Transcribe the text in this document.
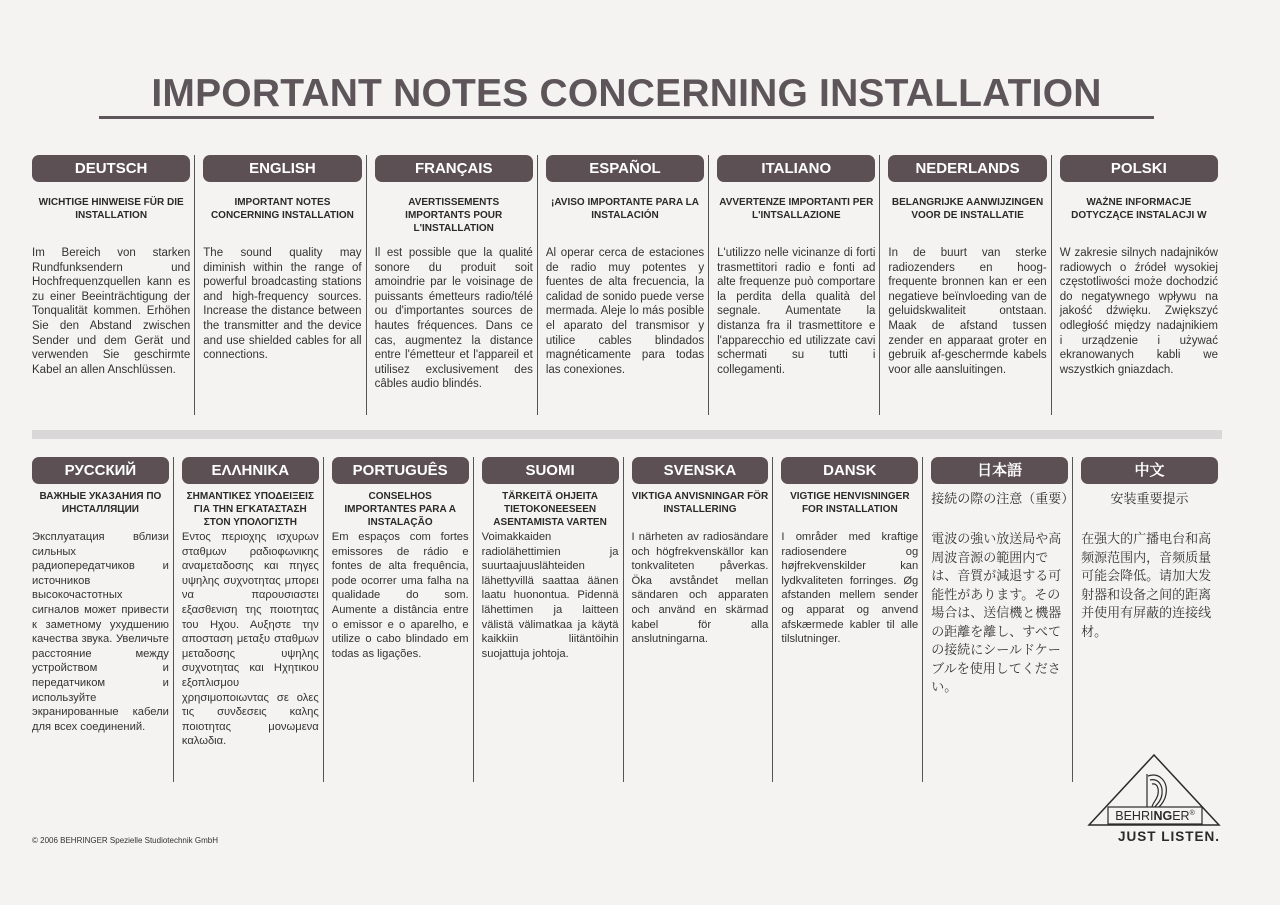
IMPORTANT NOTES CONCERNING INSTALLATION
DEUTSCH
WICHTIGE HINWEISE FÜR DIE INSTALLATION
Im Bereich von starken Rundfunksendern und Hochfrequenzquellen kann es zu einer Beeinträchtigung der Tonqualität kommen. Erhöhen Sie den Abstand zwischen Sender und dem Gerät und verwenden Sie geschirmte Kabel an allen Anschlüssen.
ENGLISH
IMPORTANT NOTES CONCERNING INSTALLATION
The sound quality may diminish within the range of powerful broadcasting stations and high-frequency sources. Increase the distance between the transmitter and the device and use shielded cables for all connections.
FRANÇAIS
AVERTISSEMENTS IMPORTANTS POUR L'INSTALLATION
Il est possible que la qualité sonore du produit soit amoindrie par le voisinage de puissants émetteurs radio/télé ou d'importantes sources de hautes fréquences. Dans ce cas, augmentez la distance entre l'émetteur et l'appareil et utilisez exclusivement des câbles audio blindés.
ESPAÑOL
¡AVISO IMPORTANTE PARA LA INSTALACIÓN
Al operar cerca de estaciones de radio muy potentes y fuentes de alta frecuencia, la calidad de sonido puede verse mermada. Aleje lo más posible el aparato del transmisor y utilice cables blindados magnéticamente para todas las conexiones.
ITALIANO
AVVERTENZE IMPORTANTI PER L'INTSALLAZIONE
L'utilizzo nelle vicinanze di forti trasmettitori radio e fonti ad alte frequenze può comportare la perdita della qualità del segnale. Aumentate la distanza fra il trasmettitore e l'apparecchio ed utilizzate cavi schermati su tutti i collegamenti.
NEDERLANDS
BELANGRIJKE AANWIJZINGEN VOOR DE INSTALLATIE
In de buurt van sterke radiozenders en hoog-frequente bronnen kan er een negatieve beïnvloeding van de geluidskwaliteit ontstaan. Maak de afstand tussen zender en apparaat groter en gebruik af-geschermde kabels voor alle aansluitingen.
POLSKI
WAŻNE INFORMACJE DOTYCZĄCE INSTALACJI W
W zakresie silnych nadajników radiowych o źródeł wysokiej częstotliwości może dochodzić do negatywnego wpływu na jakość dźwięku. Zwiększyć odległość między nadajnikiem i urządzenie i używać ekranowanych kabli we wszystkich gniazdach.
РУССКИЙ
ВАЖНЫЕ УКАЗАНИЯ ПО ИНСТАЛЛЯЦИИ
Эксплуатация вблизи сильных радиопередатчиков и источников высокочастотных сигналов может привести к заметному ухудшению качества звука. Увеличьте расстояние между устройством и передатчиком и используйте экранированные кабели для всех соединений.
ΕΛΛΗΝΙΚΑ
ΣΗΜΑΝΤΙΚΕΣ ΥΠΟΔΕΙΞΕΙΣ ΓΙΑ ΤΗΝ ΕΓΚΑΤΑΣΤΑΣΗ ΣΤΟΝ ΥΠΟΛΟΓΙΣΤΗ
Εντος περιοχης ισχυρων σταθμων ραδιοφωνικης αναμεταδοσης και πηγες υψηλης συχνοτητας μπορει να παρουσιαστει εξασθενιση της ποιοτητας του Ηχου. Αυξηστε την αποσταση μεταξυ σταθμων μεταδοσης υψηλης συχνοτητας και Ηχητικου εξοπλισμου χρησιμοποιωντας σε ολες τις συνδεσεις καλης ποιοτητας μονωμενα καλωδια.
PORTUGUÊS
CONSELHOS IMPORTANTES PARA A INSTALAÇÃO
Em espaços com fortes emissores de rádio e fontes de alta frequência, pode ocorrer uma falha na qualidade do som. Aumente a distância entre o emissor e o aparelho, e utilize o cabo blindado em todas as ligações.
SUOMI
TÄRKEITÄ OHJEITA TIETOKONEESEEN ASENTAMISTA VARTEN
Voimakkaiden radiolähettimien ja suurtaajuuslähteiden lähettyvillä saattaa äänen laatu huonontua. Pidennä lähettimen ja laitteen välistä välimatkaa ja käytä kaikkiin liitäntöihin suojattuja johtoja.
SVENSKA
VIKTIGA ANVISNINGAR FÖR INSTALLERING
I närheten av radiosändare och högfrekvenskällor kan tonkvaliteten påverkas. Öka avståndet mellan sändaren och apparaten och använd en skärmad kabel för alla anslutningarna.
DANSK
VIGTIGE HENVISNINGER FOR INSTALLATION
I områder med kraftige radiosendere og højfrekvenskilder kan lydkvaliteten forringes. Øg afstanden mellem sender og apparat og anvend afskærmede kabler til alle tilslutninger.
日本語
接続の際の注意（重要）
電波の強い放送局や高周波音源の範囲内では、音質が減退する可能性があります。その場合は、送信機と機器の距離を離し、すべての接続にシールドケーブルを使用してください。
中文
安装重要提示
在强大的广播电台和高频源范围内，音频质量可能会降低。请加大发射器和设备之间的距离并使用有屏蔽的连接线材。
© 2006 BEHRINGER Spezielle Studiotechnik GmbH
BEHRINGER®
JUST LISTEN.
